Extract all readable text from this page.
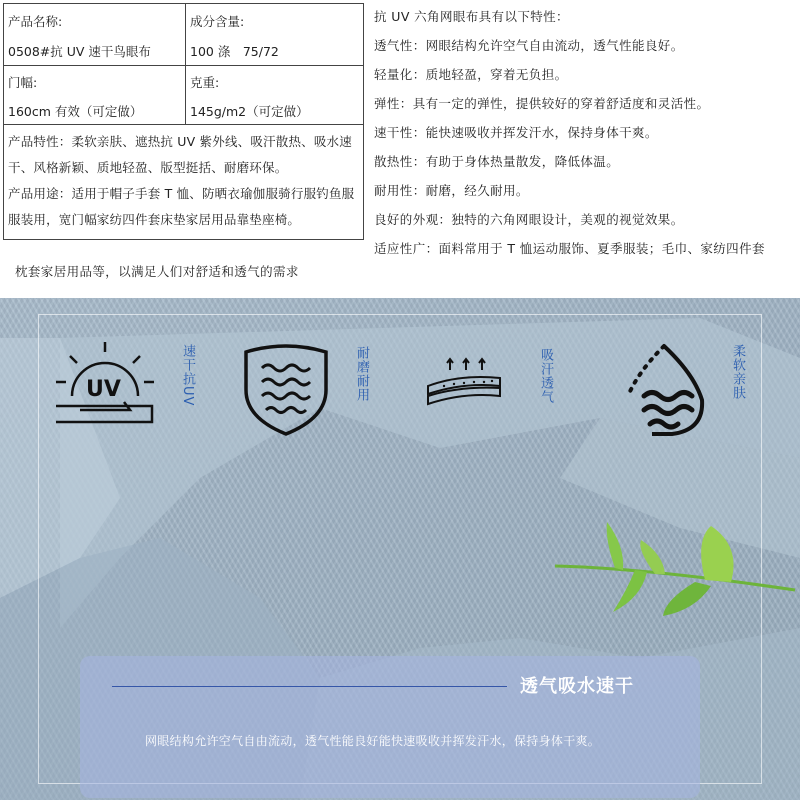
产品名称:
0508#抗 UV 速干鸟眼布
成分含量:
100 涤　75/72
门幅:
160cm 有效（可定做）
克重:
145g/m2（可定做）
产品特性：柔软亲肤、遮热抗 UV 紫外线、吸汗散热、吸水速
干、风格新颖、质地轻盈、版型挺括、耐磨环保。
产品用途：适用于帽子手套 T 恤、防晒衣瑜伽服骑行服钓鱼服
服装用，宽门幅家纺四件套床垫家居用品靠垫座椅。
抗 UV 六角网眼布具有以下特性：
透气性：网眼结构允许空气自由流动，透气性能良好。
轻量化：质地轻盈，穿着无负担。
弹性：具有一定的弹性，提供较好的穿着舒适度和灵活性。
速干性：能快速吸收并挥发汗水，保持身体干爽。
散热性：有助于身体热量散发，降低体温。
耐用性：耐磨，经久耐用。
良好的外观：独特的六角网眼设计，美观的视觉效果。
适应性广：面料常用于 T 恤运动服饰、夏季服装；毛巾、家纺四件套
枕套家居用品等，以满足人们对舒适和透气的需求
UV	速干抗UV	耐磨耐用	吸汗透气	柔软亲肤
透气吸水速干
网眼结构允许空气自由流动，透气性能良好能快速吸收并挥发汗水，保持身体干爽。
